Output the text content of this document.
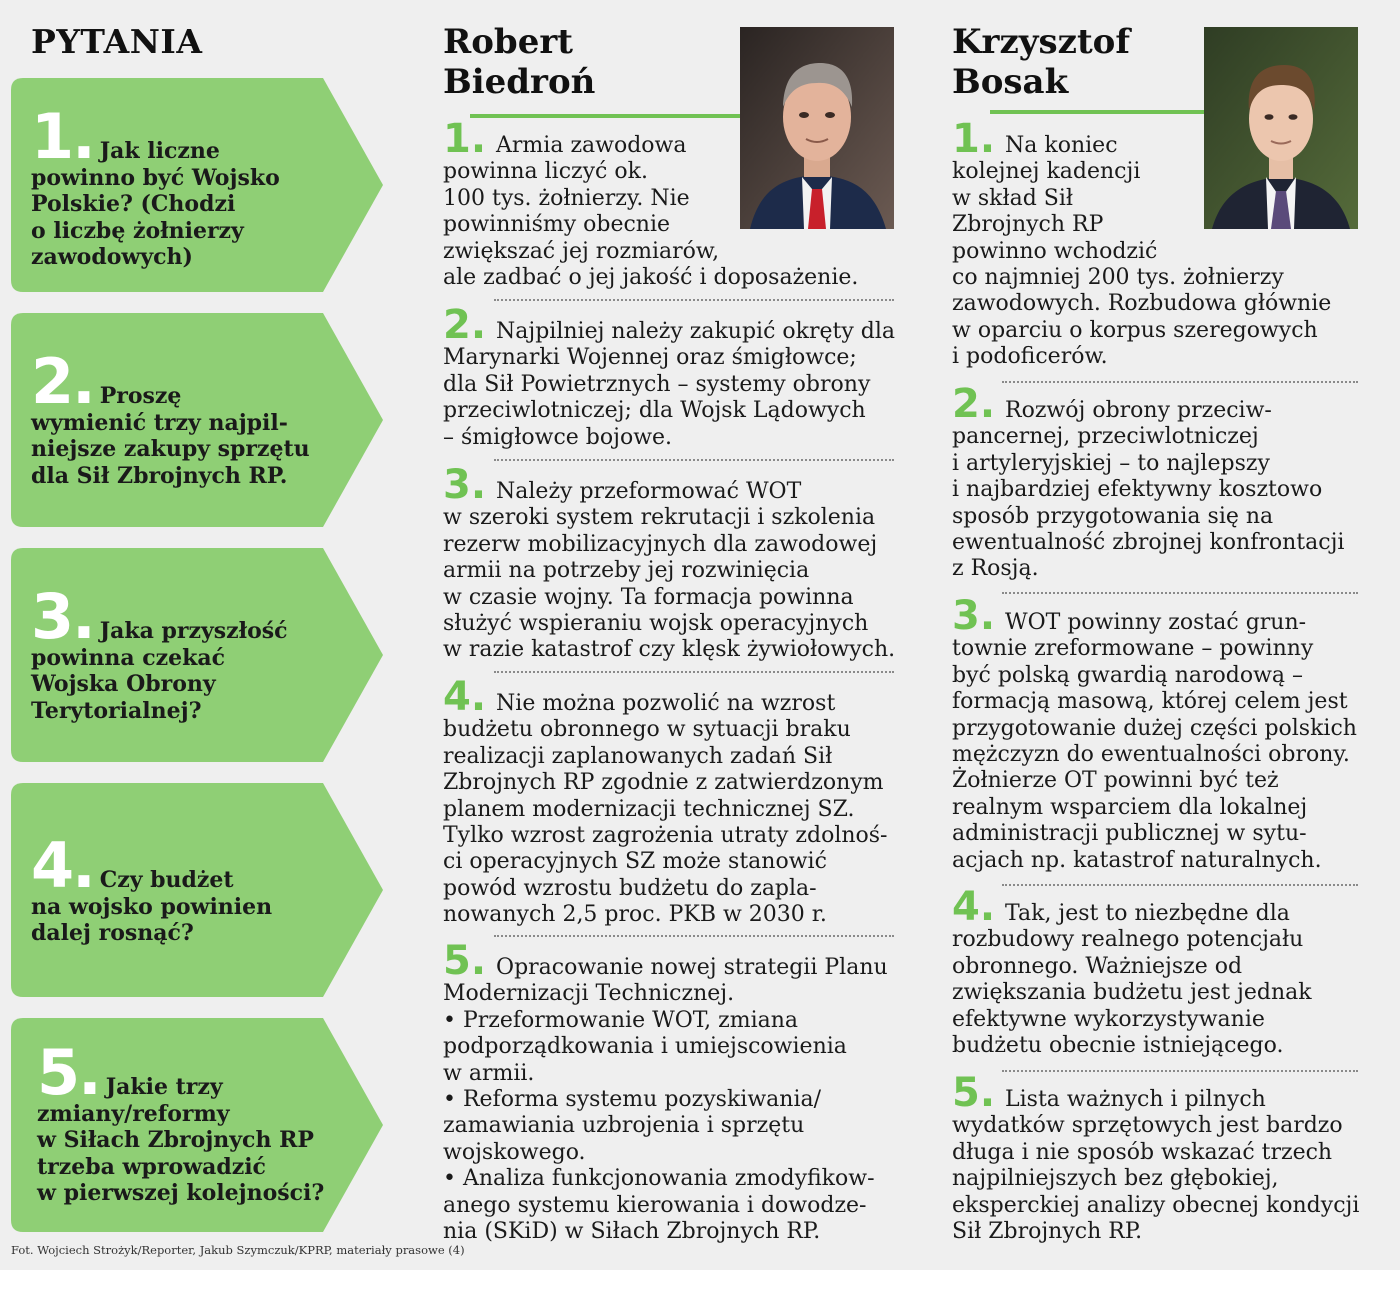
PYTANIA	Robert
Biedroń
Krzysztof
Bosak
1. Jak liczne
powinno być Wojsko
Polskie? (Chodzi
o liczbę żołnierzy
zawodowych)
2. Proszę
wymienić trzy najpil-
niejsze zakupy sprzętu
dla Sił Zbrojnych RP.
3. Jaka przyszłość
powinna czekać
Wojska Obrony
Terytorialnej?
4. Czy budżet
na wojsko powinien
dalej rosnąć?
5. Jakie trzy
zmiany/reformy
w Siłach Zbrojnych RP
trzeba wprowadzić
w pierwszej kolejności?
1. Armia zawodowa
powinna liczyć ok.
100 tys. żołnierzy. Nie
powinniśmy obecnie
zwiększać jej rozmiarów,
ale zadbać o jej jakość i doposażenie.
2. Najpilniej należy zakupić okręty dla
Marynarki Wojennej oraz śmigłowce;
dla Sił Powietrznych – systemy obrony
przeciwlotniczej; dla Wojsk Lądowych
– śmigłowce bojowe.
3. Należy przeformować WOT
w szeroki system rekrutacji i szkolenia
rezerw mobilizacyjnych dla zawodowej
armii na potrzeby jej rozwinięcia
w czasie wojny. Ta formacja powinna
służyć wspieraniu wojsk operacyjnych
w razie katastrof czy klęsk żywiołowych.
4. Nie można pozwolić na wzrost
budżetu obronnego w sytuacji braku
realizacji zaplanowanych zadań Sił
Zbrojnych RP zgodnie z zatwierdzonym
planem modernizacji technicznej SZ.
Tylko wzrost zagrożenia utraty zdolnoś-
ci operacyjnych SZ może stanowić
powód wzrostu budżetu do zapla-
nowanych 2,5 proc. PKB w 2030 r.
5. Opracowanie nowej strategii Planu
Modernizacji Technicznej.
• Przeformowanie WOT, zmiana
podporządkowania i umiejscowienia
w armii.
• Reforma systemu pozyskiwania/
zamawiania uzbrojenia i sprzętu
wojskowego.
• Analiza funkcjonowania zmodyfikow-
anego systemu kierowania i dowodze-
nia (SKiD) w Siłach Zbrojnych RP.
1. Na koniec
kolejnej kadencji
w skład Sił
Zbrojnych RP
powinno wchodzić
co najmniej 200 tys. żołnierzy
zawodowych. Rozbudowa głównie
w oparciu o korpus szeregowych
i podoficerów.
2. Rozwój obrony przeciw-
pancernej, przeciwlotniczej
i artyleryjskiej – to najlepszy
i najbardziej efektywny kosztowo
sposób przygotowania się na
ewentualność zbrojnej konfrontacji
z Rosją.
3. WOT powinny zostać grun-
townie zreformowane – powinny
być polską gwardią narodową –
formacją masową, której celem jest
przygotowanie dużej części polskich
mężczyzn do ewentualności obrony.
Żołnierze OT powinni być też
realnym wsparciem dla lokalnej
administracji publicznej w sytu-
acjach np. katastrof naturalnych.
4. Tak, jest to niezbędne dla
rozbudowy realnego potencjału
obronnego. Ważniejsze od
zwiększania budżetu jest jednak
efektywne wykorzystywanie
budżetu obecnie istniejącego.
5. Lista ważnych i pilnych
wydatków sprzętowych jest bardzo
długa i nie sposób wskazać trzech
najpilniejszych bez głębokiej,
eksperckiej analizy obecnej kondycji
Sił Zbrojnych RP.
Fot. Wojciech Strożyk/Reporter, Jakub Szymczuk/KPRP, materiały prasowe (4)
